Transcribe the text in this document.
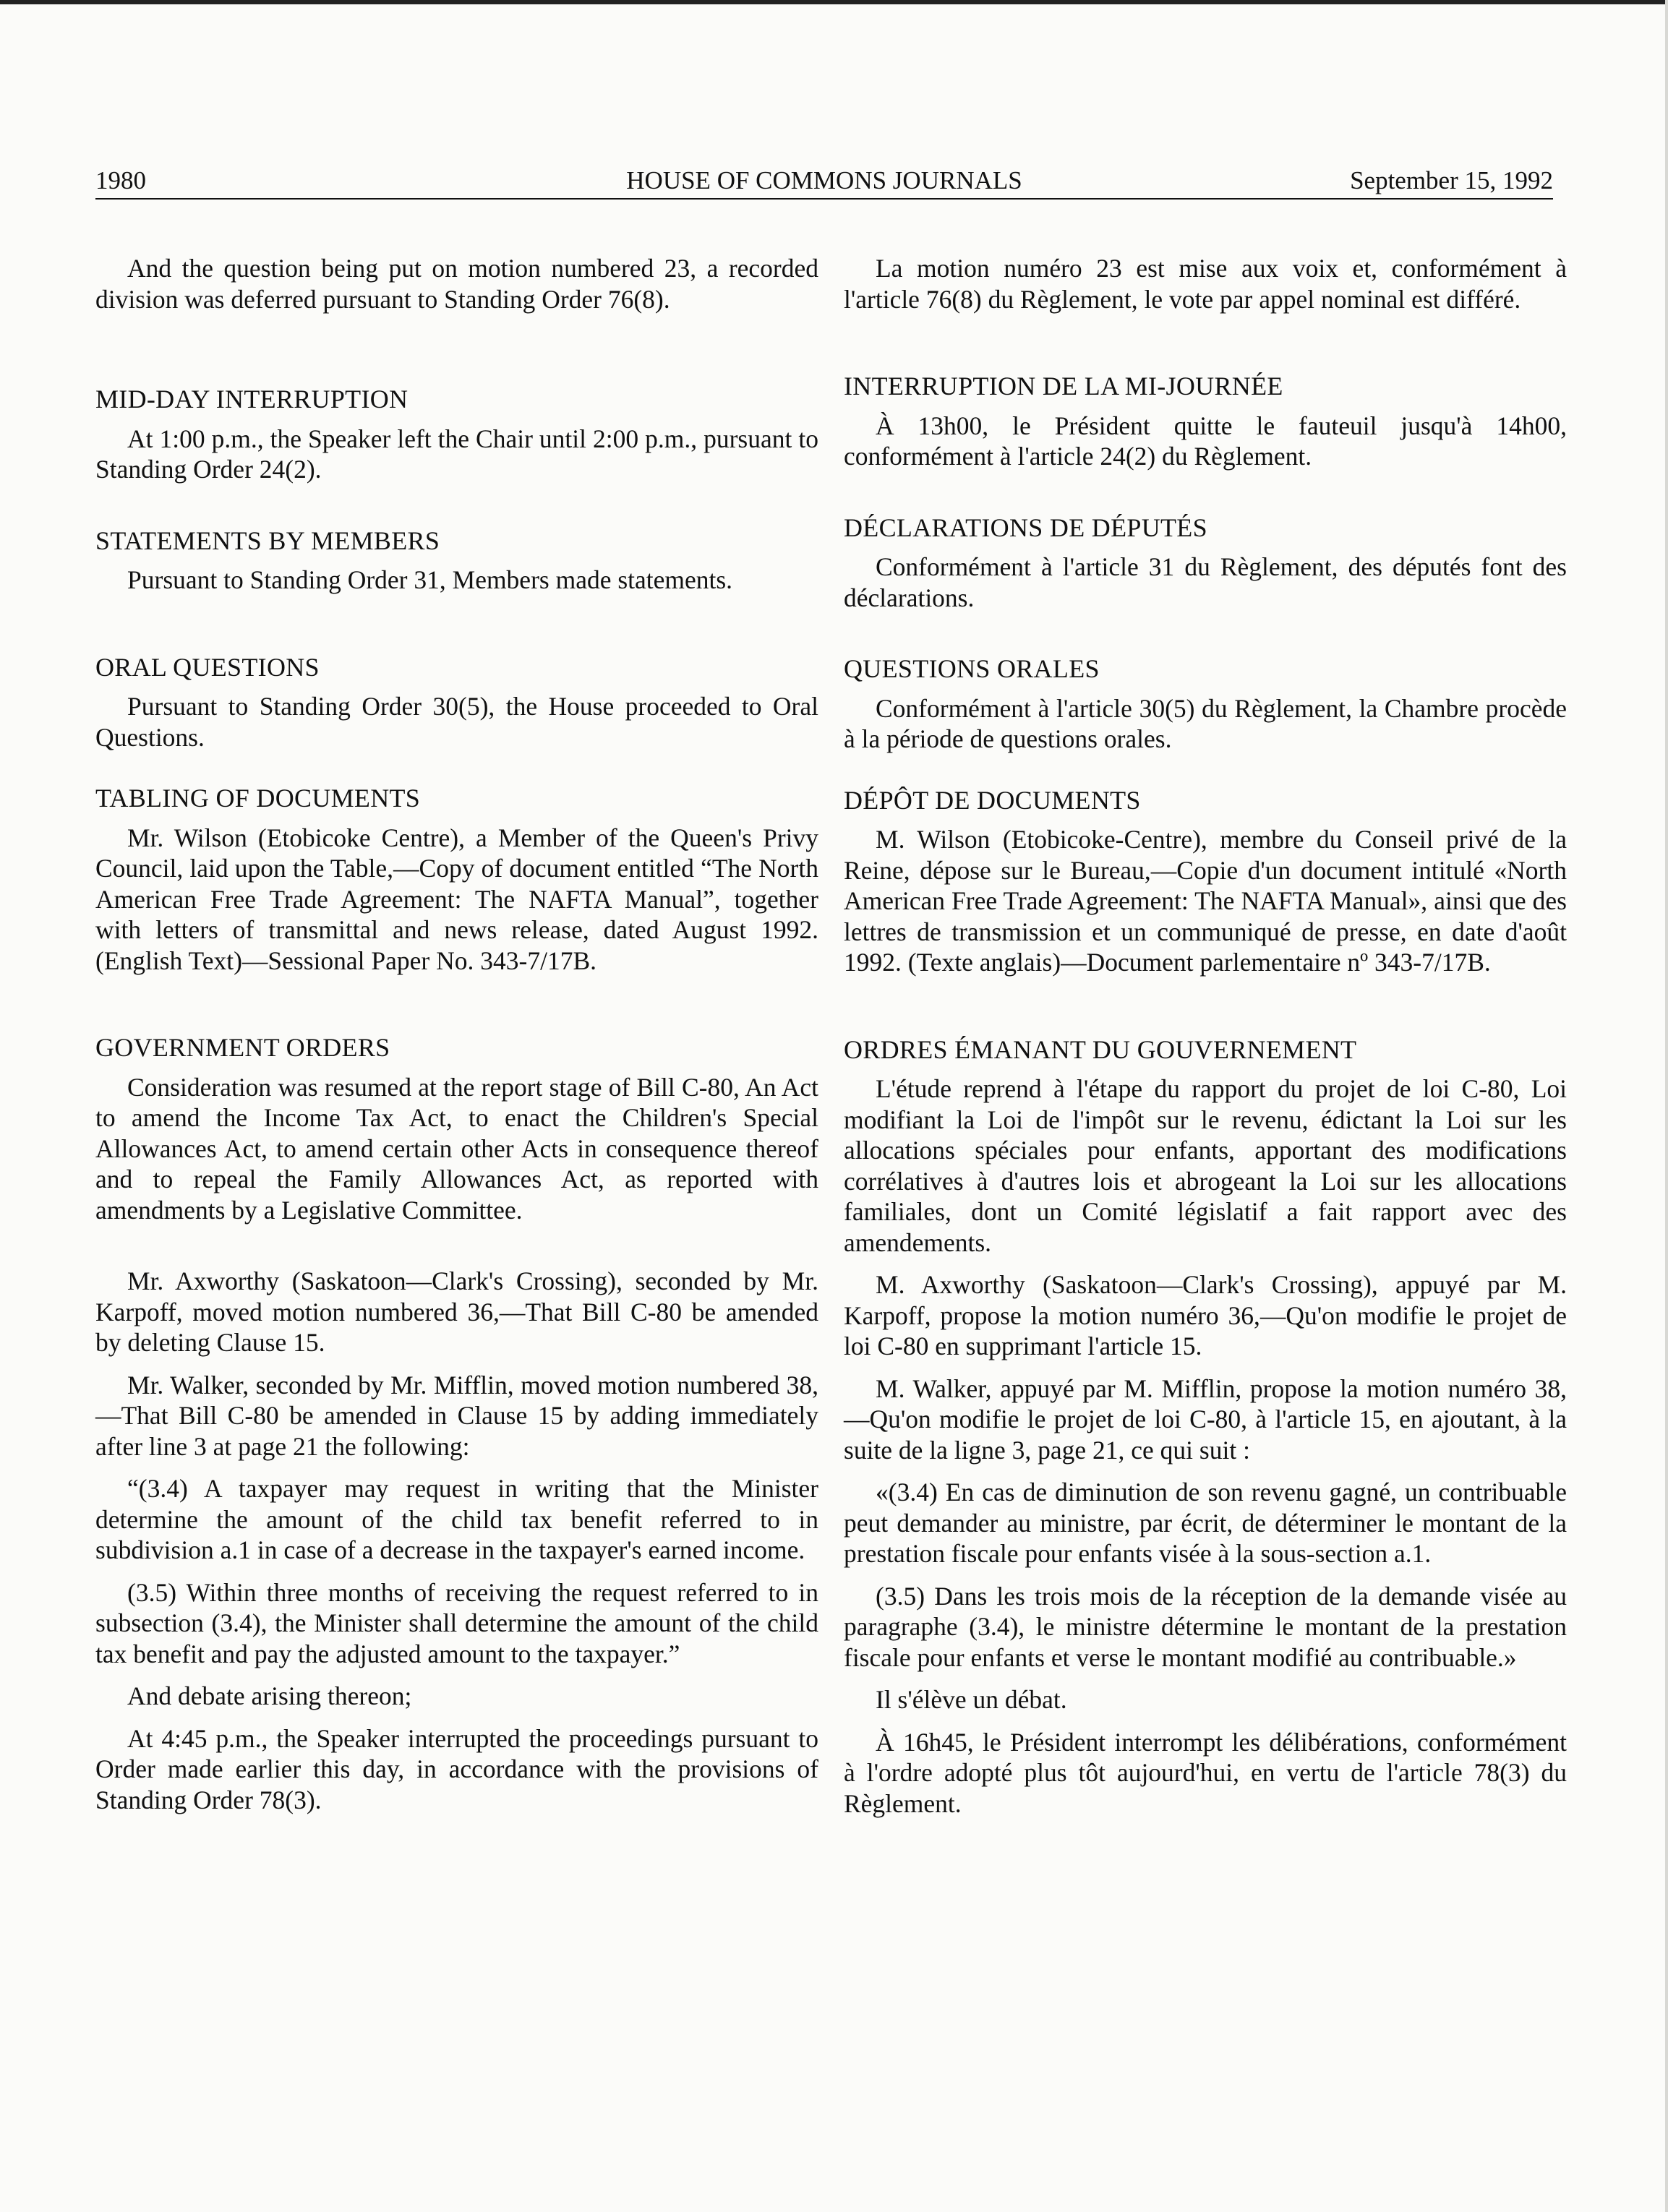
1980	HOUSE OF COMMONS JOURNALS	September 15, 1992

And the question being put on motion numbered 23, a recorded division was deferred pursuant to Standing Order 76(8).

MID-DAY INTERRUPTION

At 1:00 p.m., the Speaker left the Chair until 2:00 p.m., pursuant to Standing Order 24(2).

STATEMENTS BY MEMBERS

Pursuant to Standing Order 31, Members made statements.

ORAL QUESTIONS

Pursuant to Standing Order 30(5), the House proceeded to Oral Questions.

TABLING OF DOCUMENTS

Mr. Wilson (Etobicoke Centre), a Member of the Queen's Privy Council, laid upon the Table,—Copy of document entitled “The North American Free Trade Agreement: The NAFTA Manual”, together with letters of transmittal and news release, dated August 1992. (English Text)—Sessional Paper No. 343-7/17B.

GOVERNMENT ORDERS

Consideration was resumed at the report stage of Bill C-80, An Act to amend the Income Tax Act, to enact the Children's Special Allowances Act, to amend certain other Acts in consequence thereof and to repeal the Family Allowances Act, as reported with amendments by a Legislative Committee.

Mr. Axworthy (Saskatoon—Clark's Crossing), seconded by Mr. Karpoff, moved motion numbered 36,—That Bill C-80 be amended by deleting Clause 15.

Mr. Walker, seconded by Mr. Mifflin, moved motion numbered 38,—That Bill C-80 be amended in Clause 15 by adding immediately after line 3 at page 21 the following:

“(3.4) A taxpayer may request in writing that the Minister determine the amount of the child tax benefit referred to in subdivision a.1 in case of a decrease in the taxpayer's earned income.

(3.5) Within three months of receiving the request referred to in subsection (3.4), the Minister shall determine the amount of the child tax benefit and pay the adjusted amount to the taxpayer.”

And debate arising thereon;

At 4:45 p.m., the Speaker interrupted the proceedings pursuant to Order made earlier this day, in accordance with the provisions of Standing Order 78(3).

La motion numéro 23 est mise aux voix et, conformément à l'article 76(8) du Règlement, le vote par appel nominal est différé.

INTERRUPTION DE LA MI-JOURNÉE

À 13h00, le Président quitte le fauteuil jusqu'à 14h00, conformément à l'article 24(2) du Règlement.

DÉCLARATIONS DE DÉPUTÉS

Conformément à l'article 31 du Règlement, des députés font des déclarations.

QUESTIONS ORALES

Conformément à l'article 30(5) du Règlement, la Chambre procède à la période de questions orales.

DÉPÔT DE DOCUMENTS

M. Wilson (Etobicoke-Centre), membre du Conseil privé de la Reine, dépose sur le Bureau,—Copie d'un document intitulé «North American Free Trade Agreement: The NAFTA Manual», ainsi que des lettres de transmission et un communiqué de presse, en date d'août 1992. (Texte anglais)—Document parlementaire nº 343-7/17B.

ORDRES ÉMANANT DU GOUVERNEMENT

L'étude reprend à l'étape du rapport du projet de loi C-80, Loi modifiant la Loi de l'impôt sur le revenu, édictant la Loi sur les allocations spéciales pour enfants, apportant des modifications corrélatives à d'autres lois et abrogeant la Loi sur les allocations familiales, dont un Comité législatif a fait rapport avec des amendements.

M. Axworthy (Saskatoon—Clark's Crossing), appuyé par M. Karpoff, propose la motion numéro 36,—Qu'on modifie le projet de loi C-80 en supprimant l'article 15.

M. Walker, appuyé par M. Mifflin, propose la motion numéro 38,—Qu'on modifie le projet de loi C-80, à l'article 15, en ajoutant, à la suite de la ligne 3, page 21, ce qui suit :

«(3.4) En cas de diminution de son revenu gagné, un contribuable peut demander au ministre, par écrit, de déterminer le montant de la prestation fiscale pour enfants visée à la sous-section a.1.

(3.5) Dans les trois mois de la réception de la demande visée au paragraphe (3.4), le ministre détermine le montant de la prestation fiscale pour enfants et verse le montant modifié au contribuable.»

Il s'élève un débat.

À 16h45, le Président interrompt les délibérations, conformément à l'ordre adopté plus tôt aujourd'hui, en vertu de l'article 78(3) du Règlement.
